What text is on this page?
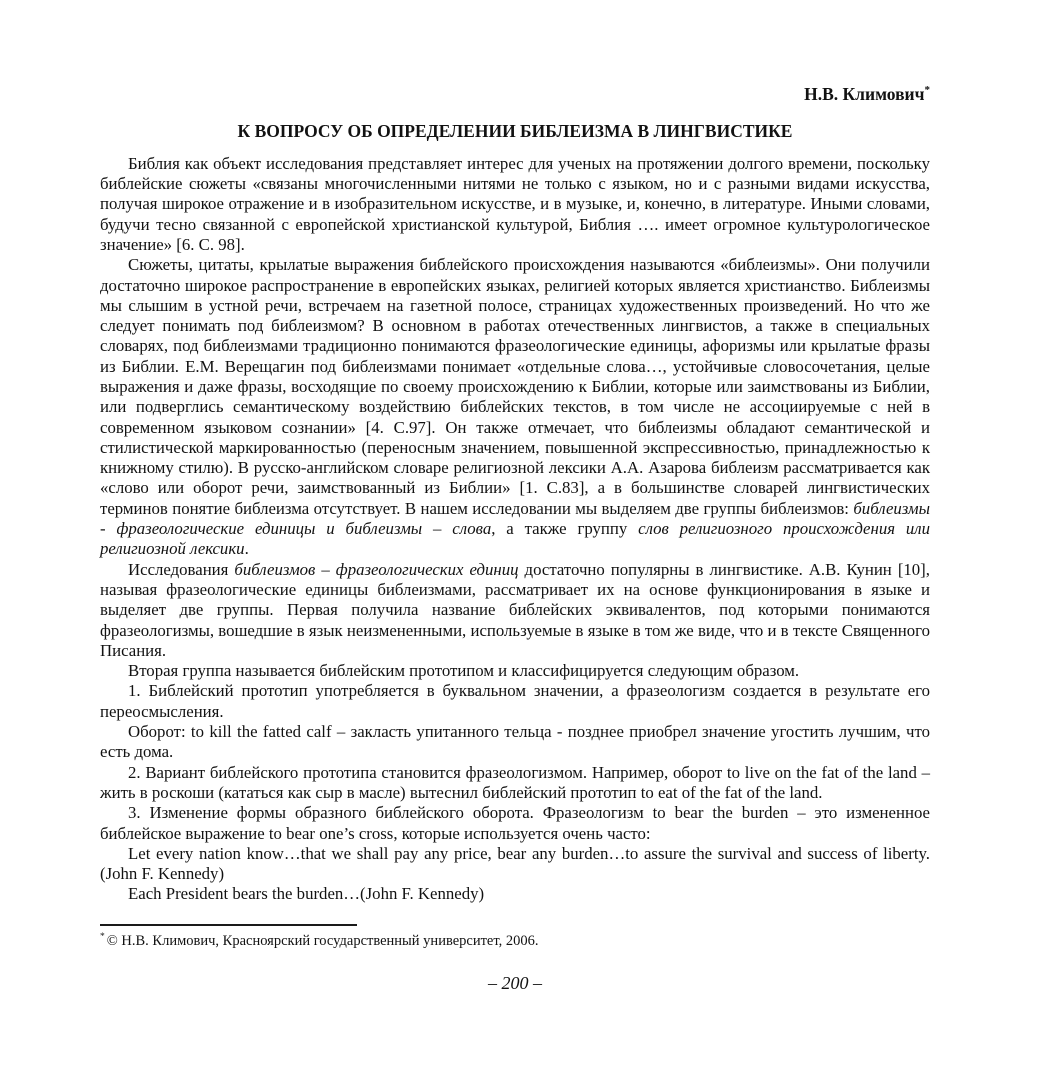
Н.В. Климович*
К ВОПРОСУ ОБ ОПРЕДЕЛЕНИИ БИБЛЕИЗМА В ЛИНГВИСТИКЕ

Библия как объект исследования представляет интерес для ученых на протяжении долгого времени, поскольку библейские сюжеты «связаны многочисленными нитями не только с языком, но и с разными видами искусства, получая широкое отражение и в изобразительном искусстве, и в музыке, и, конечно, в литературе. Иными словами, будучи тесно связанной с европейской христианской культурой, Библия …. имеет огромное культурологическое значение» [6. С. 98].

Сюжеты, цитаты, крылатые выражения библейского происхождения называются «библеизмы». Они получили достаточно широкое распространение в европейских языках, религией которых является христианство. Библеизмы мы слышим в устной речи, встречаем на газетной полосе, страницах художественных произведений. Но что же следует понимать под библеизмом? В основном в работах отечественных лингвистов, а также в специальных словарях, под библеизмами традиционно понимаются фразеологические единицы, афоризмы или крылатые фразы из Библии. Е.М. Верещагин под библеизмами понимает «отдельные слова…, устойчивые словосочетания, целые выражения и даже фразы, восходящие по своему происхождению к Библии, которые или заимствованы из Библии, или подверглись семантическому воздействию библейских текстов, в том числе не ассоциируемые с ней в современном языковом сознании» [4. С.97]. Он также отмечает, что библеизмы обладают семантической и стилистической маркированностью (переносным значением, повышенной экспрессивностью, принадлежностью к книжному стилю). В русско-английском словаре религиозной лексики А.А. Азарова библеизм рассматривается как «слово или оборот речи, заимствованный из Библии» [1. С.83], а в большинстве словарей лингвистических терминов понятие библеизма отсутствует. В нашем исследовании мы выделяем две группы библеизмов: библеизмы - фразеологические единицы и библеизмы – слова, а также группу слов религиозного происхождения или религиозной лексики.

Исследования библеизмов – фразеологических единиц достаточно популярны в лингвистике. А.В. Кунин [10], называя фразеологические единицы библеизмами, рассматривает их на основе функционирования в языке и выделяет две группы. Первая получила название библейских эквивалентов, под которыми понимаются фразеологизмы, вошедшие в язык неизмененными, используемые в языке в том же виде, что и в тексте Священного Писания.

Вторая группа называется библейским прототипом и классифицируется следующим образом.

1. Библейский прототип употребляется в буквальном значении, а фразеологизм создается в результате его переосмысления.

Оборот: to kill the fatted calf – закласть упитанного тельца - позднее приобрел значение угостить лучшим, что есть дома.

2. Вариант библейского прототипа становится фразеологизмом. Например, оборот to live on the fat of the land – жить в роскоши (кататься как сыр в масле) вытеснил библейский прототип to eat of the fat of the land.

3. Изменение формы образного библейского оборота. Фразеологизм to bear the burden – это измененное библейское выражение to bear one’s cross, которые используется очень часто:

Let every nation know…that we shall pay any price, bear any burden…to assure the survival and success of liberty. (John F. Kennedy)

Each President bears the burden…(John F. Kennedy)

* © Н.В. Климович, Красноярский государственный университет, 2006.
– 200 –
